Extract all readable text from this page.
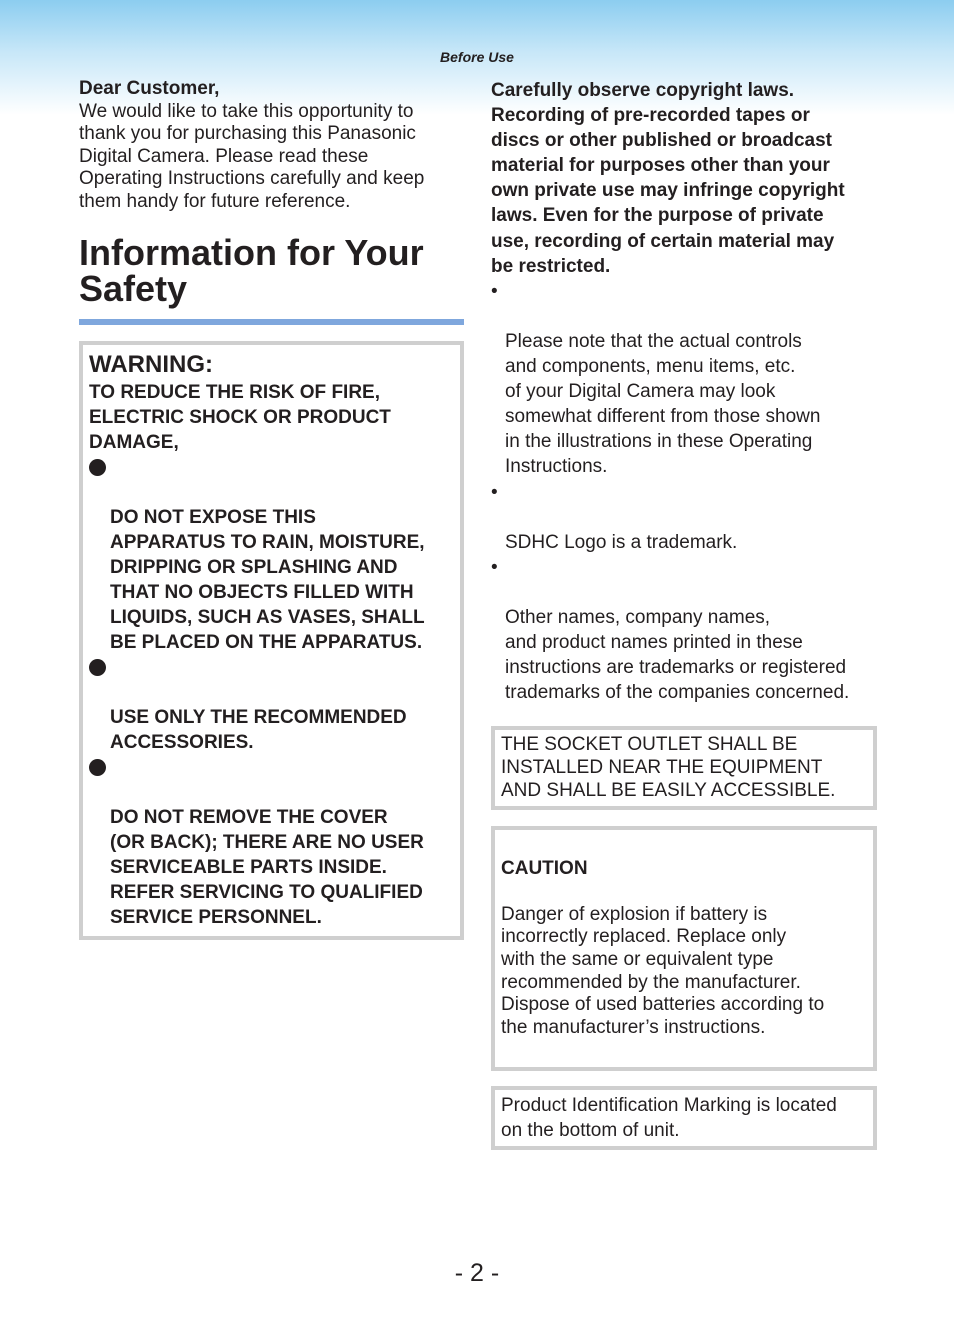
Before Use
Dear Customer,
We would like to take this opportunity to
thank you for purchasing this Panasonic
Digital Camera. Please read these
Operating Instructions carefully and keep
them handy for future reference.
Information for Your
Safety
WARNING:
TO REDUCE THE RISK OF FIRE,
ELECTRIC SHOCK OR PRODUCT
DAMAGE,

DO NOT EXPOSE THIS
APPARATUS TO RAIN, MOISTURE,
DRIPPING OR SPLASHING AND
THAT NO OBJECTS FILLED WITH
LIQUIDS, SUCH AS VASES, SHALL
BE PLACED ON THE APPARATUS.

USE ONLY THE RECOMMENDED
ACCESSORIES.

DO NOT REMOVE THE COVER
(OR BACK); THERE ARE NO USER
SERVICEABLE PARTS INSIDE.
REFER SERVICING TO QUALIFIED
SERVICE PERSONNEL.

Carefully observe copyright laws.
Recording of pre-recorded tapes or
discs or other published or broadcast
material for purposes other than your
own private use may infringe copyright
laws. Even for the purpose of private
use, recording of certain material may
be restricted.

•

Please note that the actual controls
and components, menu items, etc.
of your Digital Camera may look
somewhat different from those shown
in the illustrations in these Operating
Instructions.

•

SDHC Logo is a trademark.

•

Other names, company names,
and product names printed in these
instructions are trademarks or registered
trademarks of the companies concerned.

THE SOCKET OUTLET SHALL BE
INSTALLED NEAR THE EQUIPMENT
AND SHALL BE EASILY ACCESSIBLE.

CAUTION

Danger of explosion if battery is
incorrectly replaced. Replace only
with the same or equivalent type
recommended by the manufacturer.
Dispose of used batteries according to
the manufacturer’s instructions.

Product Identification Marking is located
on the bottom of unit.
- 2 -
